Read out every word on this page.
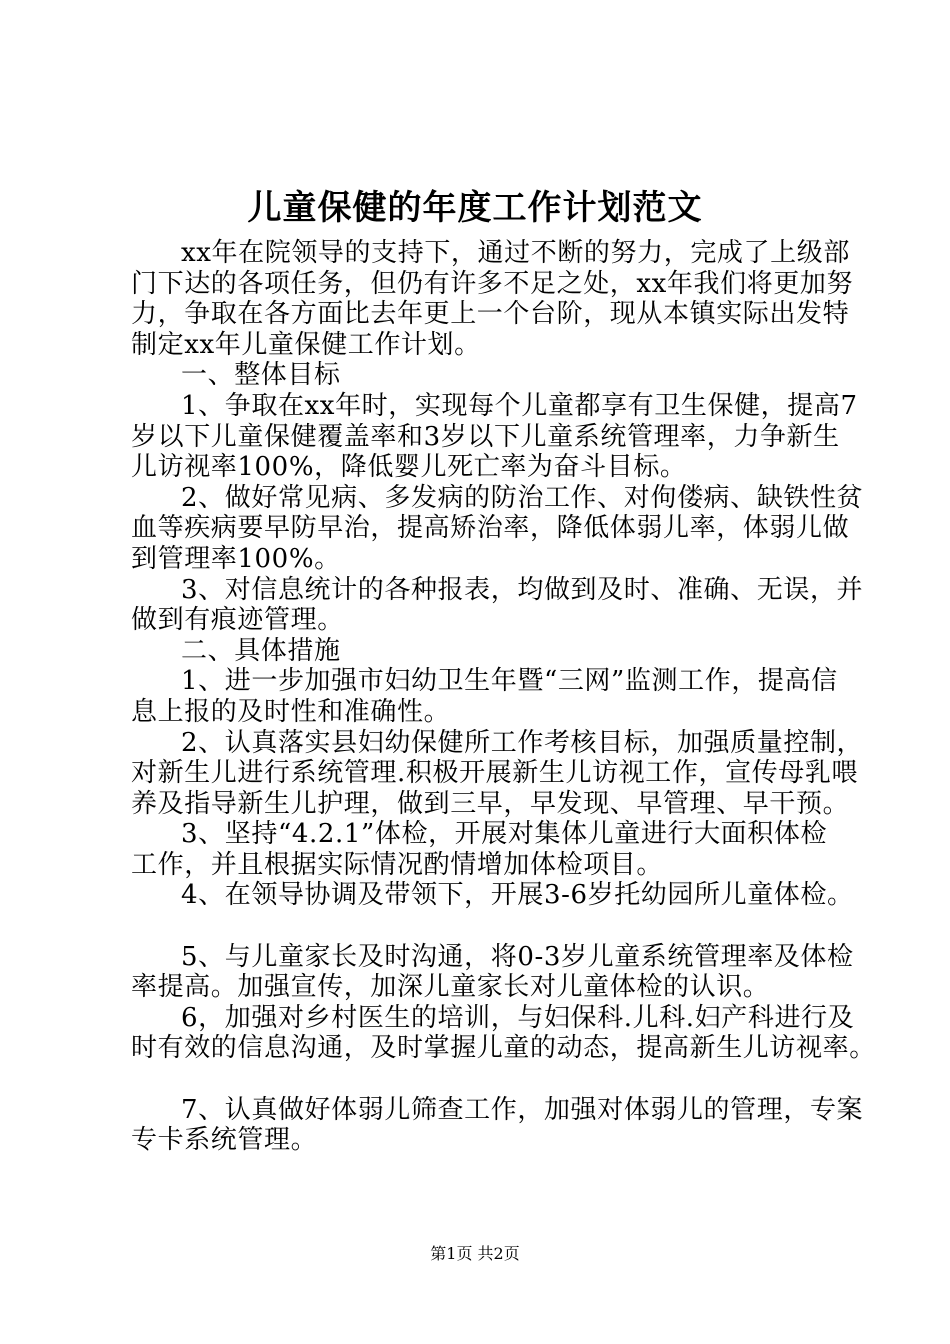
儿童保健的年度工作计划范文
xx年在院领导的支持下，通过不断的努力，完成了上级部
门下达的各项任务，但仍有许多不足之处，xx年我们将更加努
力，争取在各方面比去年更上一个台阶，现从本镇实际出发特
制定xx年儿童保健工作计划。
一、整体目标
1、争取在xx年时，实现每个儿童都享有卫生保健，提高7
岁以下儿童保健覆盖率和3岁以下儿童系统管理率，力争新生
儿访视率100%，降低婴儿死亡率为奋斗目标。
2、做好常见病、多发病的防治工作、对佝偻病、缺铁性贫
血等疾病要早防早治，提高矫治率，降低体弱儿率，体弱儿做
到管理率100%。
3、对信息统计的各种报表，均做到及时、准确、无误，并
做到有痕迹管理。
二、具体措施
1、进一步加强市妇幼卫生年暨“三网”监测工作，提高信
息上报的及时性和准确性。
2、认真落实县妇幼保健所工作考核目标，加强质量控制，
对新生儿进行系统管理.积极开展新生儿访视工作，宣传母乳喂
养及指导新生儿护理，做到三早，早发现、早管理、早干预。
3、坚持“4.2.1”体检，开展对集体儿童进行大面积体检
工作，并且根据实际情况酌情增加体检项目。
4、在领导协调及带领下，开展3-6岁托幼园所儿童体检。
5、与儿童家长及时沟通，将0-3岁儿童系统管理率及体检
率提高。加强宣传，加深儿童家长对儿童体检的认识。
6，加强对乡村医生的培训，与妇保科.儿科.妇产科进行及
时有效的信息沟通，及时掌握儿童的动态，提高新生儿访视率。
7、认真做好体弱儿筛查工作，加强对体弱儿的管理，专案
专卡系统管理。
第1页 共2页
